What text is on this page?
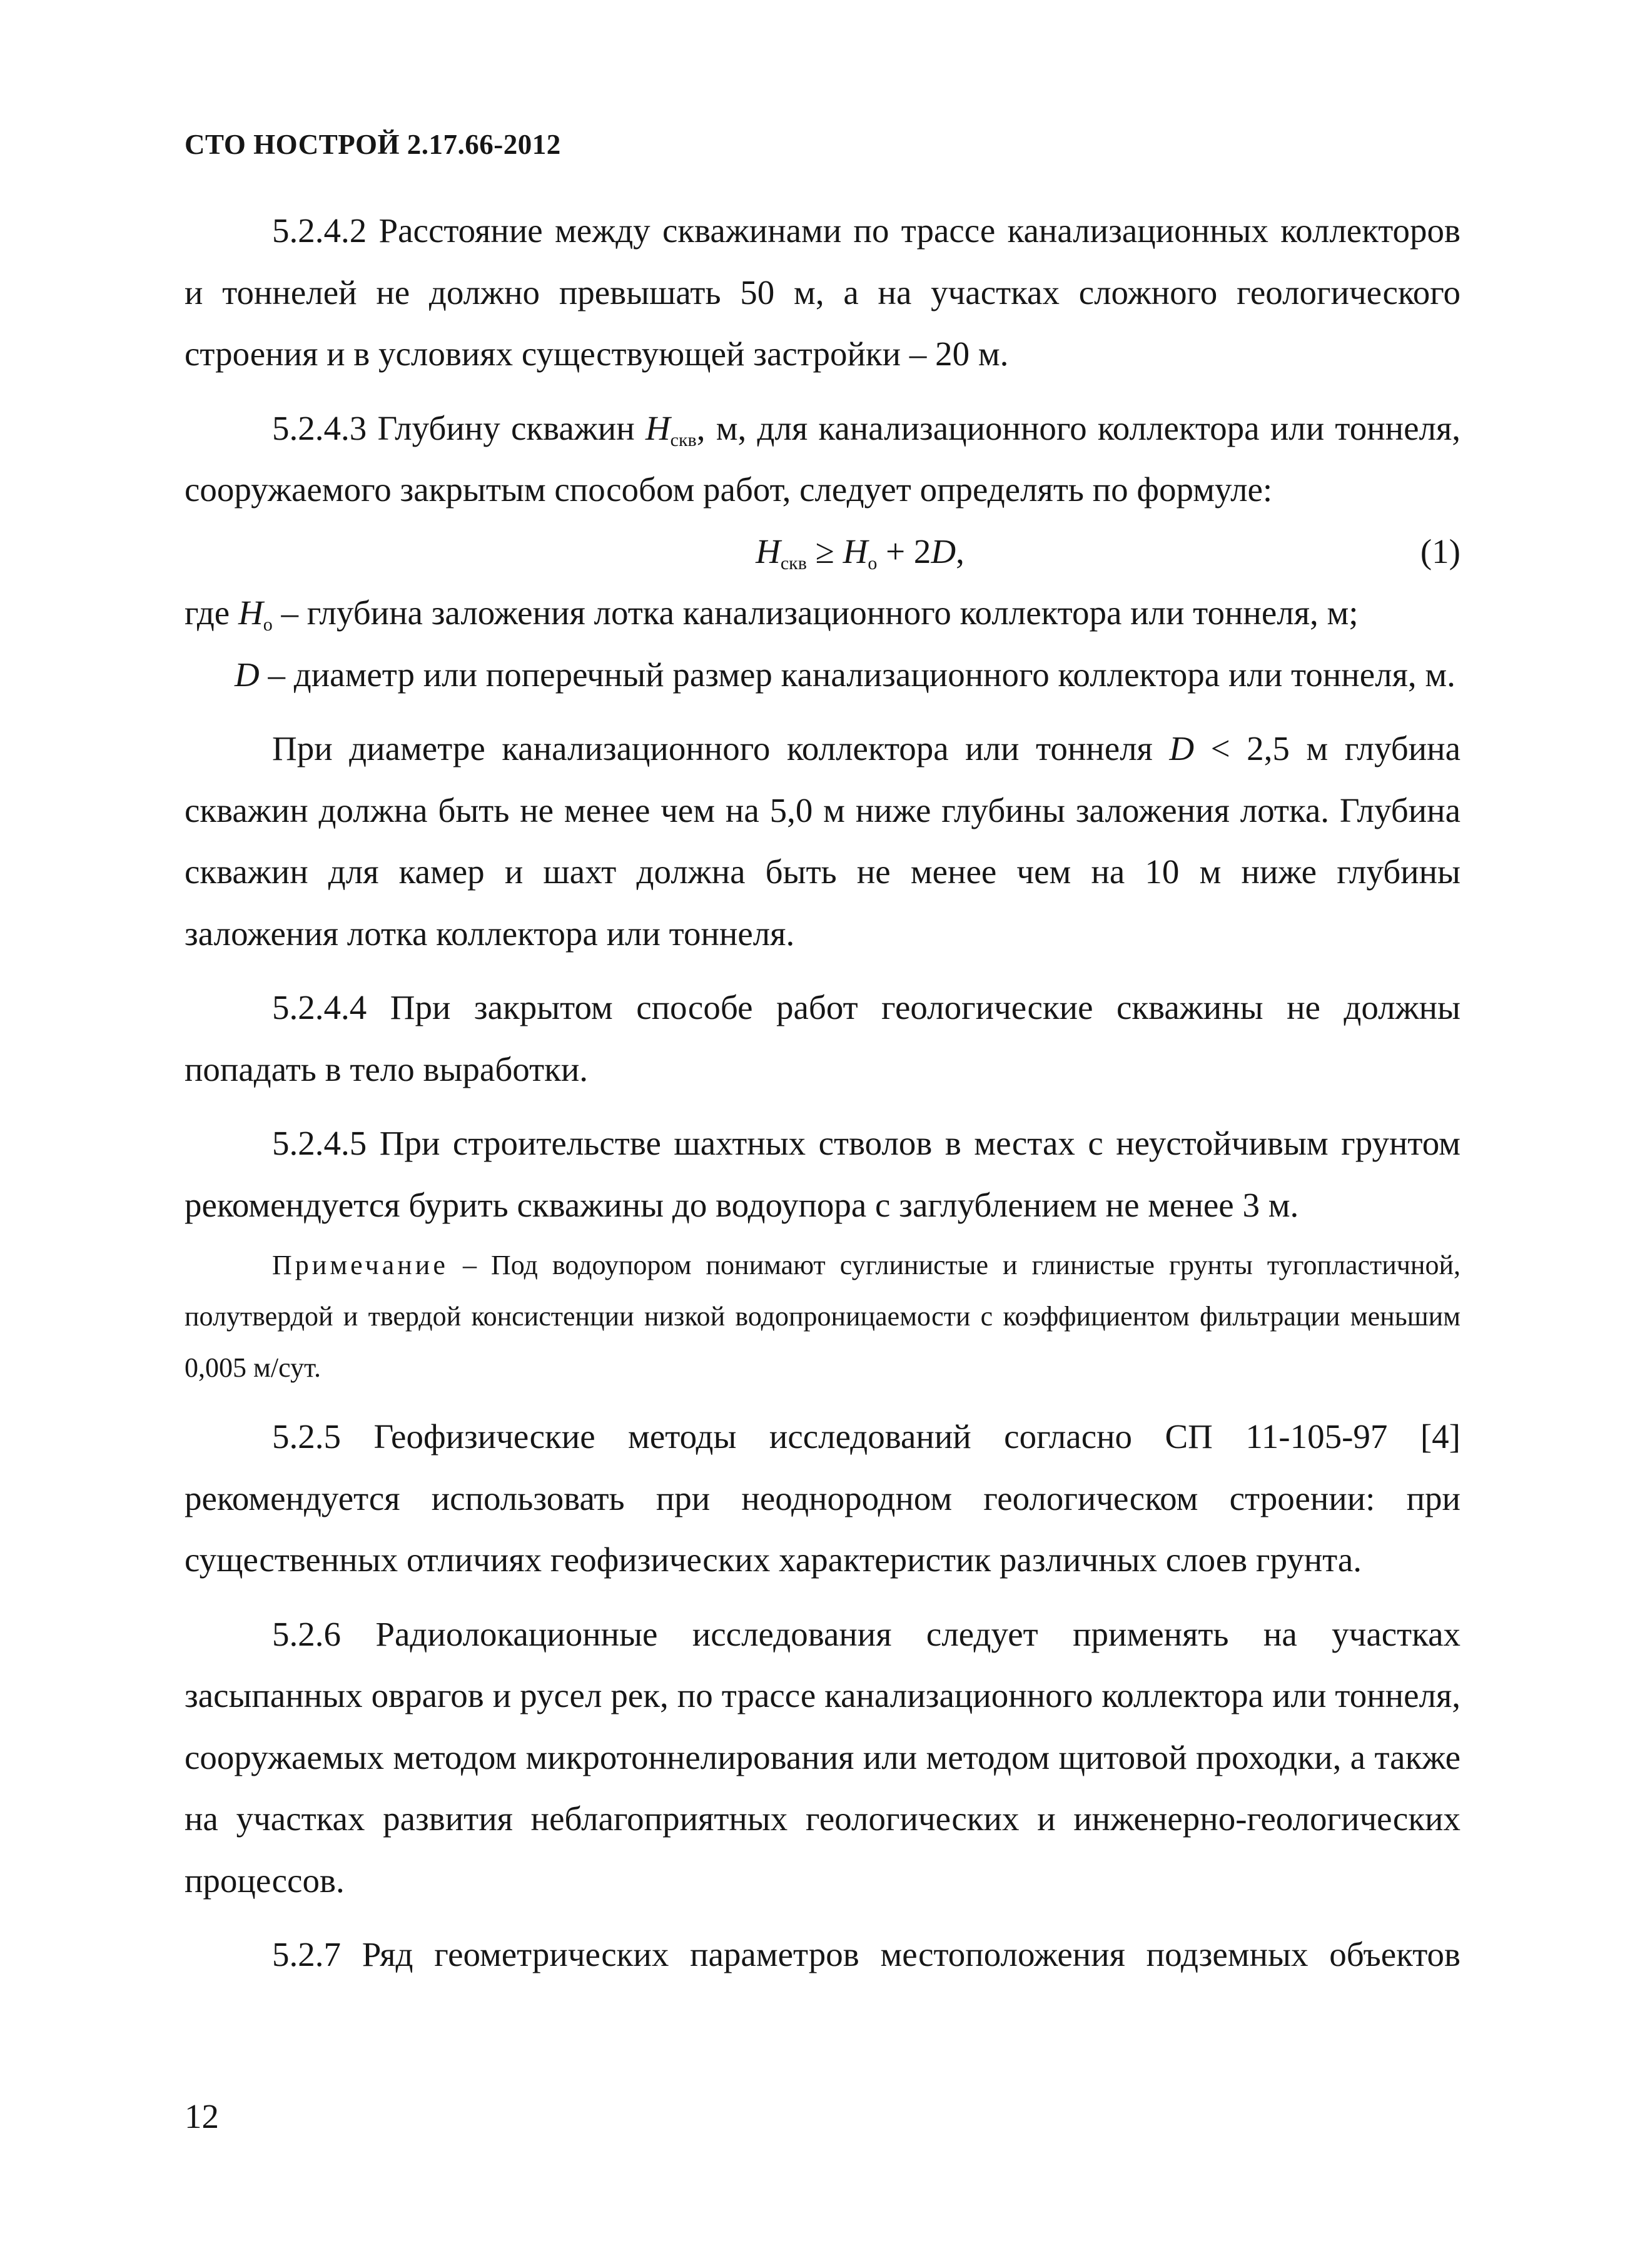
СТО НОСТРОЙ 2.17.66-2012

5.2.4.2 Расстояние между скважинами по трассе канализационных коллекторов и тоннелей не должно превышать 50 м, а на участках сложного геологического строения и в условиях существующей застройки – 20 м.

5.2.4.3 Глубину скважин $H_{скв}$, м, для канализационного коллектора или тоннеля, сооружаемого закрытым способом работ, следует определять по формуле:

$H_{скв} \ge H_о + 2D$,	(1)

где $H_о$ – глубина заложения лотка канализационного коллектора или тоннеля, м;

D – диаметр или поперечный размер канализационного коллектора или тоннеля, м.

При диаметре канализационного коллектора или тоннеля D < 2,5 м глубина скважин должна быть не менее чем на 5,0 м ниже глубины заложения лотка. Глубина скважин для камер и шахт должна быть не менее чем на 10 м ниже глубины заложения лотка коллектора или тоннеля.

5.2.4.4 При закрытом способе работ геологические скважины не должны попадать в тело выработки.

5.2.4.5 При строительстве шахтных стволов в местах с неустойчивым грунтом рекомендуется бурить скважины до водоупора с заглублением не менее 3 м.

Примечание – Под водоупором понимают суглинистые и глинистые грунты тугопластичной, полутвердой и твердой консистенции низкой водопроницаемости с коэффициентом фильтрации меньшим 0,005 м/сут.

5.2.5 Геофизические методы исследований согласно СП 11-105-97 [4] рекомендуется использовать при неоднородном геологическом строении: при существенных отличиях геофизических характеристик различных слоев грунта.

5.2.6 Радиолокационные исследования следует применять на участках засыпанных оврагов и русел рек, по трассе канализационного коллектора или тоннеля, сооружаемых методом микротоннелирования или методом щитовой проходки, а также на участках развития неблагоприятных геологических и инженерно-геологических процессов.

5.2.7 Ряд геометрических параметров местоположения подземных объектов

12
